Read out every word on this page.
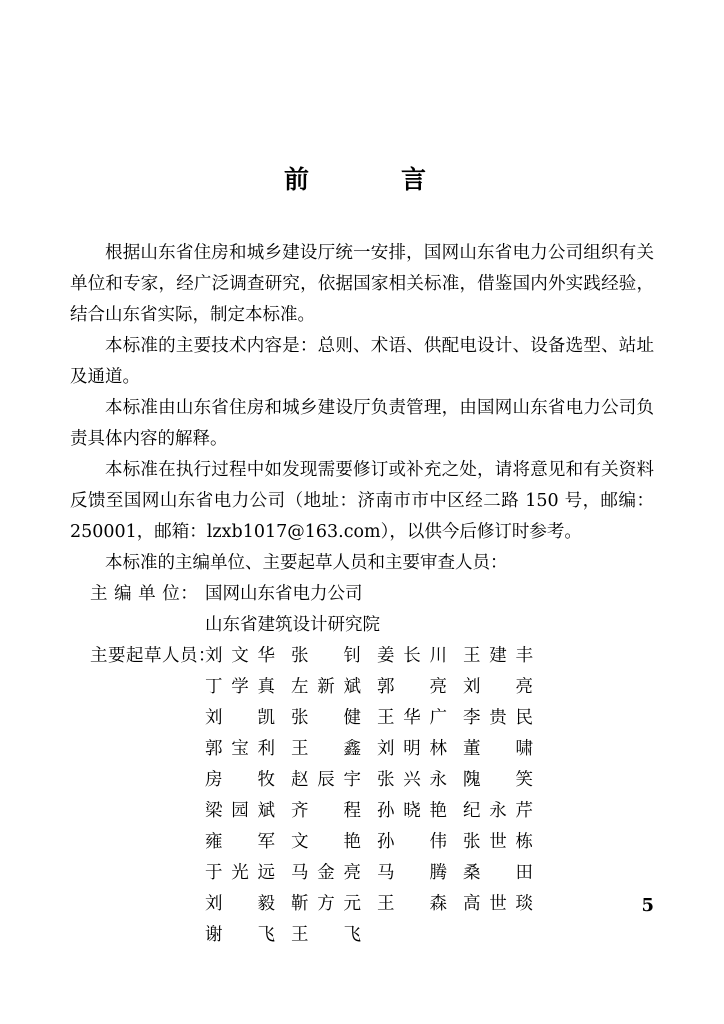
前　　言

根据山东省住房和城乡建设厅统一安排，国网山东省电力公司组织有关单位和专家，经广泛调查研究，依据国家相关标准，借鉴国内外实践经验，结合山东省实际，制定本标准。

本标准的主要技术内容是：总则、术语、供配电设计、设备选型、站址及通道。

本标准由山东省住房和城乡建设厅负责管理，由国网山东省电力公司负责具体内容的解释。

本标准在执行过程中如发现需要修订或补充之处，请将意见和有关资料反馈至国网山东省电力公司（地址：济南市市中区经二路 150 号，邮编：250001，邮箱：lzxb1017@163.com），以供今后修订时参考。

本标准的主编单位、主要起草人员和主要审查人员：

主 编 单 位： 国网山东省电力公司
山东省建筑设计研究院
主要起草人员：
刘文华 张　钊 姜长川 王建丰
丁学真 左新斌 郭　亮 刘　亮
刘　凯 张　健 王华广 李贵民
郭宝利 王　鑫 刘明林 董　啸
房　牧 赵辰宇 张兴永 隗　笑
梁园斌 齐　程 孙晓艳 纪永芹
雍　军 文　艳 孙　伟 张世栋
于光远 马金亮 马　腾 桑　田
刘　毅 靳方元 王　森 高世琰
谢　飞 王　飞
5
